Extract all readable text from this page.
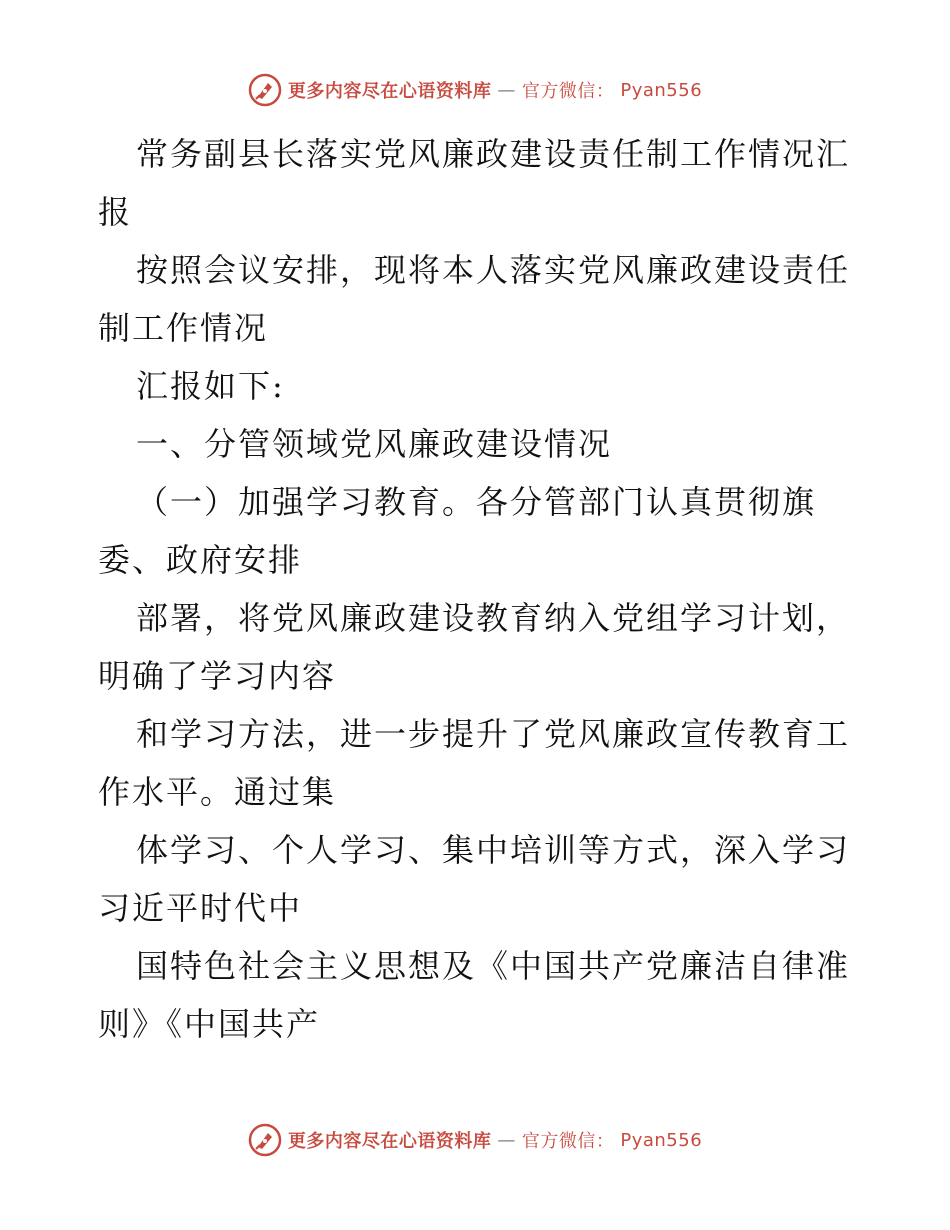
更多内容尽在心语资料库 — 官方微信： Pyan556
常务副县长落实党风廉政建设责任制工作情况汇
报
按照会议安排，现将本人落实党风廉政建设责任
制工作情况
汇报如下:
一、分管领域党风廉政建设情况
（一）加强学习教育。各分管部门认真贯彻旗
委、政府安排
部署，将党风廉政建设教育纳入党组学习计划，
明确了学习内容
和学习方法，进一步提升了党风廉政宣传教育工
作水平。通过集
体学习、个人学习、集中培训等方式，深入学习
习近平时代中
国特色社会主义思想及《中国共产党廉洁自律准
则》《中国共产
更多内容尽在心语资料库 — 官方微信： Pyan556
